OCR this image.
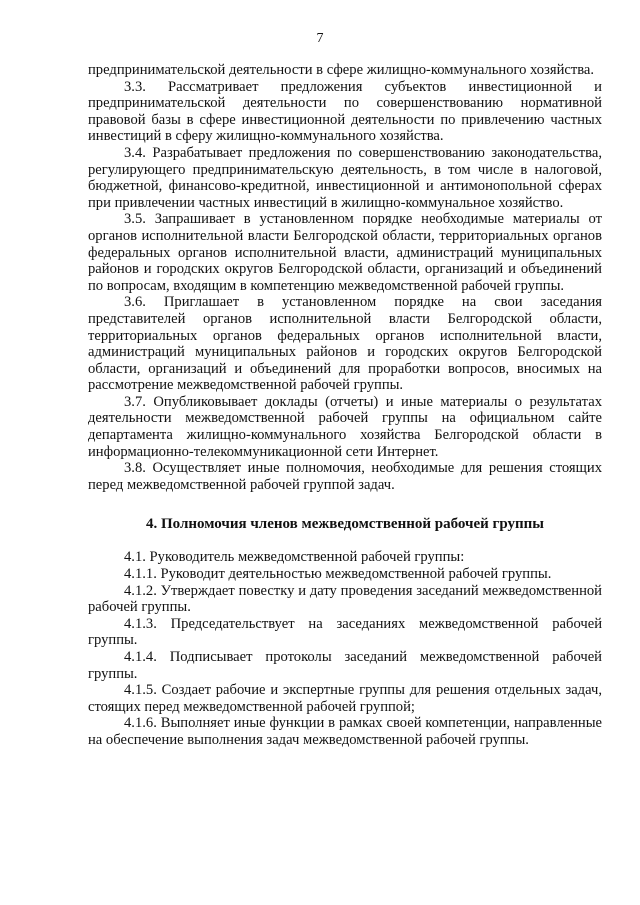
7

предпринимательской деятельности в сфере жилищно-коммунального хозяйства.

3.3. Рассматривает предложения субъектов инвестиционной и предпринимательской деятельности по совершенствованию нормативной правовой базы в сфере инвестиционной деятельности по привлечению частных инвестиций в сферу жилищно-коммунального хозяйства.

3.4. Разрабатывает предложения по совершенствованию законодательства, регулирующего предпринимательскую деятельность, в том числе в налоговой, бюджетной, финансово-кредитной, инвестиционной и антимонопольной сферах при привлечении частных инвестиций в жилищно-коммунальное хозяйство.

3.5. Запрашивает в установленном порядке необходимые материалы от органов исполнительной власти Белгородской области, территориальных органов федеральных органов исполнительной власти, администраций муниципальных районов и городских округов Белгородской области, организаций и объединений по вопросам, входящим в компетенцию межведомственной рабочей группы.

3.6. Приглашает в установленном порядке на свои заседания представителей органов исполнительной власти Белгородской области, территориальных органов федеральных органов исполнительной власти, администраций муниципальных районов и городских округов Белгородской области, организаций и объединений для проработки вопросов, вносимых на рассмотрение межведомственной рабочей группы.

3.7. Опубликовывает доклады (отчеты) и иные материалы о результатах деятельности межведомственной рабочей группы на официальном сайте департамента жилищно-коммунального хозяйства Белгородской области в информационно-телекоммуникационной сети Интернет.

3.8. Осуществляет иные полномочия, необходимые для решения стоящих перед межведомственной рабочей группой задач.

4. Полномочия членов межведомственной рабочей группы

4.1. Руководитель межведомственной рабочей группы:

4.1.1. Руководит деятельностью межведомственной рабочей группы.

4.1.2. Утверждает повестку и дату проведения заседаний межведомственной рабочей группы.

4.1.3. Председательствует на заседаниях межведомственной рабочей группы.

4.1.4. Подписывает протоколы заседаний межведомственной рабочей группы.

4.1.5. Создает рабочие и экспертные группы для решения отдельных задач, стоящих перед межведомственной рабочей группой;

4.1.6. Выполняет иные функции в рамках своей компетенции, направленные на обеспечение выполнения задач межведомственной рабочей группы.
